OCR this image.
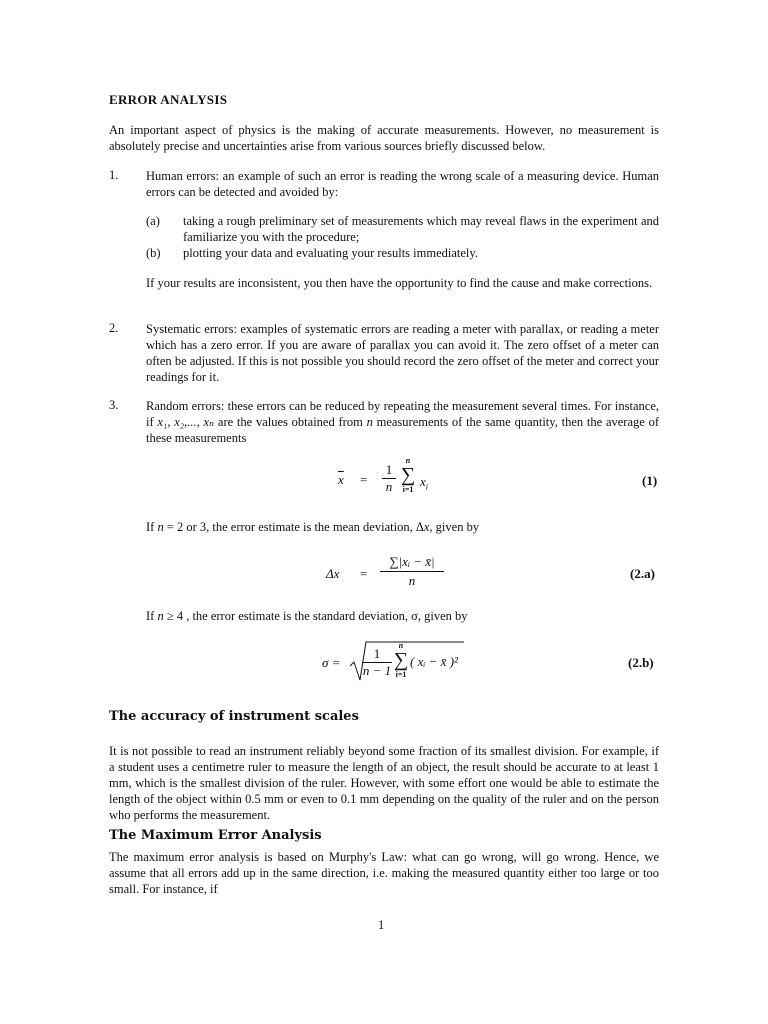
ERROR ANALYSIS
An important aspect of physics is the making of accurate measurements. However, no measurement is absolutely precise and uncertainties arise from various sources briefly discussed below.
1.	Human errors: an example of such an error is reading the wrong scale of a measuring device. Human errors can be detected and avoided by:
(a) taking a rough preliminary set of measurements which may reveal flaws in the experiment and familiarize you with the procedure;
(b) plotting your data and evaluating your results immediately.
If your results are inconsistent, you then have the opportunity to find the cause and make corrections.
2.	Systematic errors: examples of systematic errors are reading a meter with parallax, or reading a meter which has a zero error. If you are aware of parallax you can avoid it. The zero offset of a meter can often be adjusted. If this is not possible you should record the zero offset of the meter and correct your readings for it.
3.	Random errors: these errors can be reduced by repeating the measurement several times. For instance, if x₁, x₂,..., xₙ are the values obtained from n measurements of the same quantity, then the average of these measurements
$\overline{x} = \frac{1}{n}$
n
∑
i=1
$x_i$	(1)
If n = 2 or 3, the error estimate is the mean deviation, Δx, given by
$\Delta x = \frac{\text{∑|xᵢ − x̄|}}{n}$	(2.a)
If n ≥ 4 , the error estimate is the standard deviation, σ, given by
$\sigma = \frac{1}{n - 1}$
n
∑
i=1
( xᵢ − x̄ )²	(2.b)
The accuracy of instrument scales
It is not possible to read an instrument reliably beyond some fraction of its smallest division. For example, if a student uses a centimetre ruler to measure the length of an object, the result should be accurate to at least 1 mm, which is the smallest division of the ruler. However, with some effort one would be able to estimate the length of the object within 0.5 mm or even to 0.1 mm depending on the quality of the ruler and on the person who performs the measurement.
The Maximum Error Analysis
The maximum error analysis is based on Murphy's Law: what can go wrong, will go wrong. Hence, we assume that all errors add up in the same direction, i.e. making the measured quantity either too large or too small. For instance, if
1
